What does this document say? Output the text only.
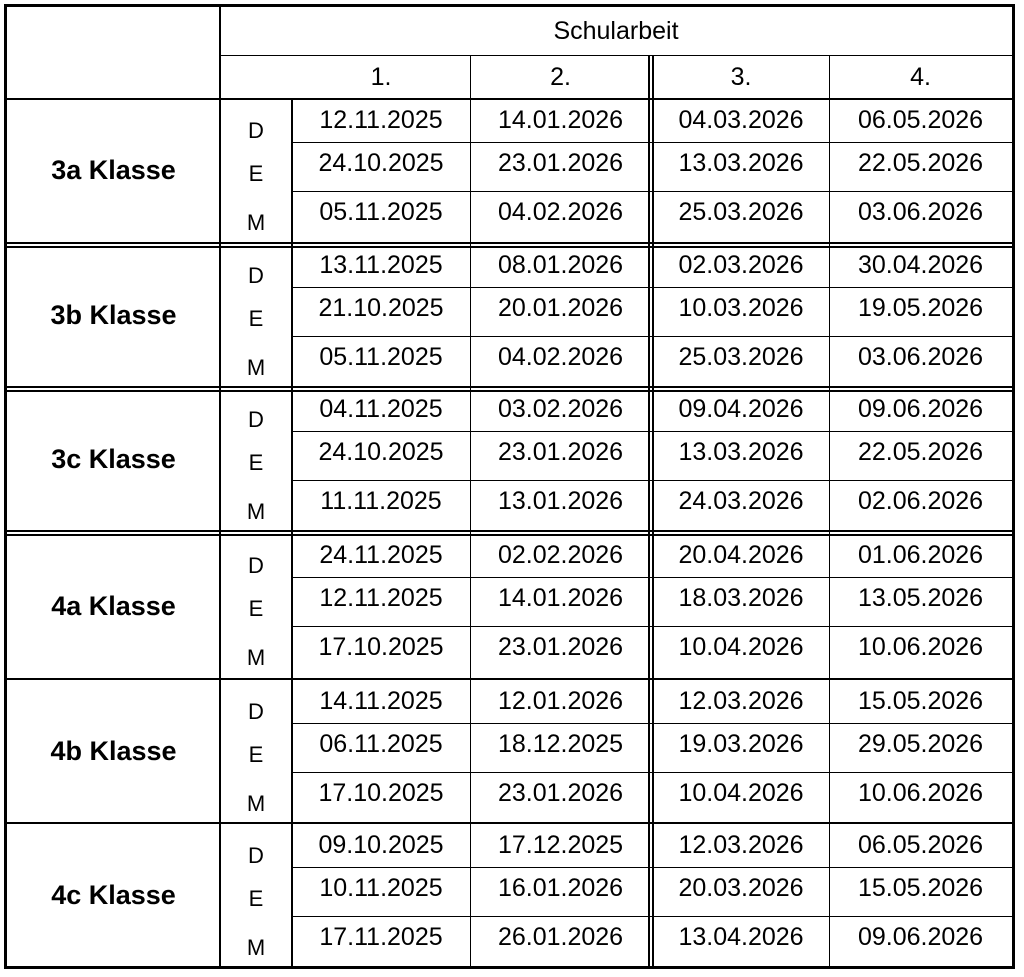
Schularbeit
1.	2.	3.	4.
3a Klasse
D	12.11.2025	14.01.2026	04.03.2026	06.05.2026
E	24.10.2025	23.01.2026	13.03.2026	22.05.2026
M	05.11.2025	04.02.2026	25.03.2026	03.06.2026
3b Klasse
D	13.11.2025	08.01.2026	02.03.2026	30.04.2026
E	21.10.2025	20.01.2026	10.03.2026	19.05.2026
M	05.11.2025	04.02.2026	25.03.2026	03.06.2026
3c Klasse
D	04.11.2025	03.02.2026	09.04.2026	09.06.2026
E	24.10.2025	23.01.2026	13.03.2026	22.05.2026
M	11.11.2025	13.01.2026	24.03.2026	02.06.2026
4a Klasse
D	24.11.2025	02.02.2026	20.04.2026	01.06.2026
E	12.11.2025	14.01.2026	18.03.2026	13.05.2026
M	17.10.2025	23.01.2026	10.04.2026	10.06.2026
4b Klasse
D	14.11.2025	12.01.2026	12.03.2026	15.05.2026
E	06.11.2025	18.12.2025	19.03.2026	29.05.2026
M	17.10.2025	23.01.2026	10.04.2026	10.06.2026
4c Klasse
D	09.10.2025	17.12.2025	12.03.2026	06.05.2026
E	10.11.2025	16.01.2026	20.03.2026	15.05.2026
M	17.11.2025	26.01.2026	13.04.2026	09.06.2026
